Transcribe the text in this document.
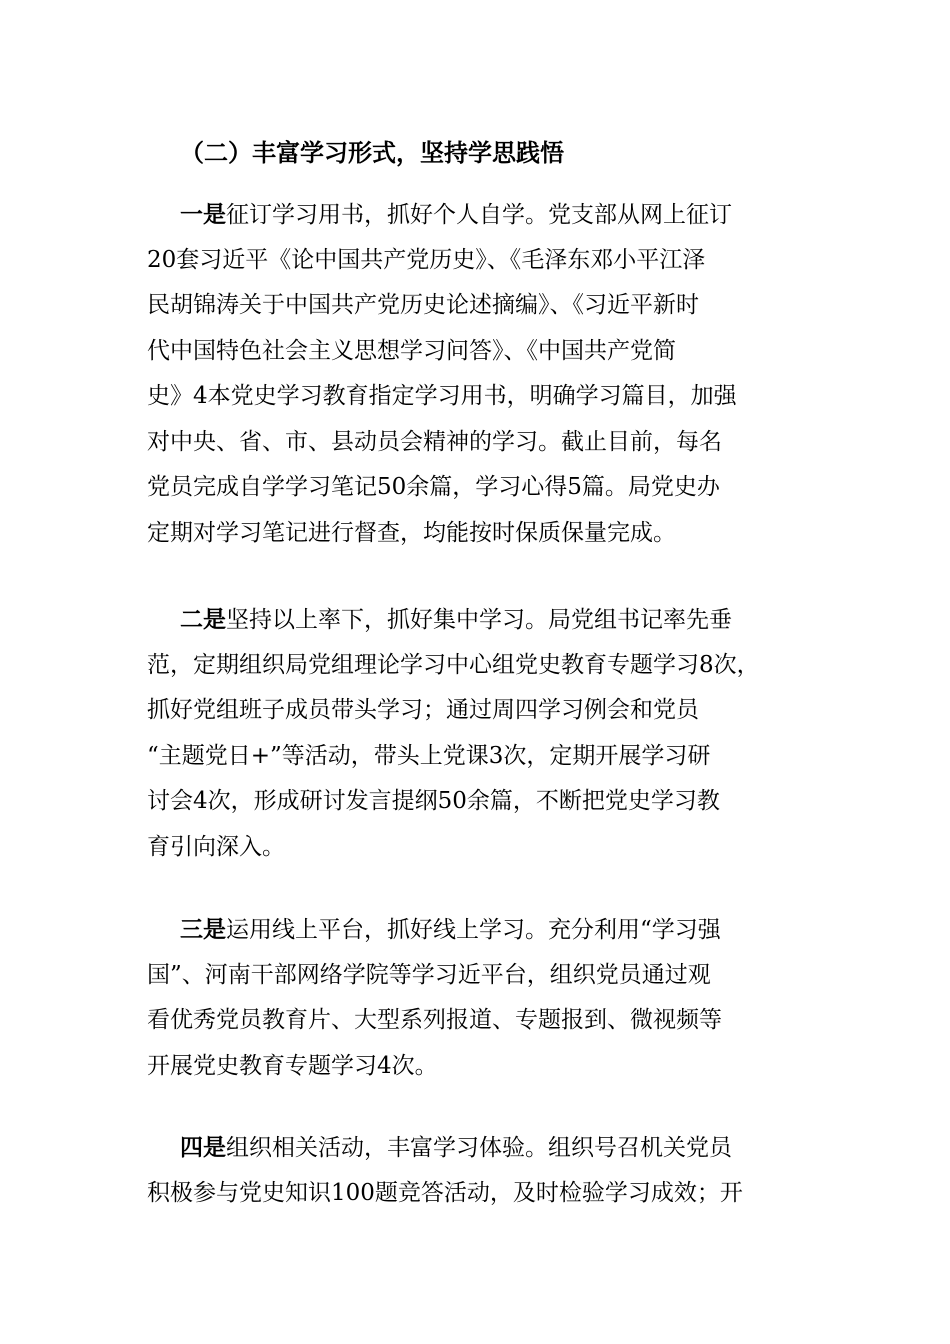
（二）丰富学习形式，坚持学思践悟
一是征订学习用书，抓好个人自学。党支部从网上征订
20套习近平《论中国共产党历史》、《毛泽东邓小平江泽
民胡锦涛关于中国共产党历史论述摘编》、《习近平新时
代中国特色社会主义思想学习问答》、《中国共产党简
史》4本党史学习教育指定学习用书，明确学习篇目，加强
对中央、省、市、县动员会精神的学习。截止目前，每名
党员完成自学学习笔记50余篇，学习心得5篇。局党史办
定期对学习笔记进行督查，均能按时保质保量完成。
二是坚持以上率下，抓好集中学习。局党组书记率先垂
范，定期组织局党组理论学习中心组党史教育专题学习8次，
抓好党组班子成员带头学习；通过周四学习例会和党员
“主题党日+”等活动，带头上党课3次，定期开展学习研
讨会4次，形成研讨发言提纲50余篇，不断把党史学习教
育引向深入。
三是运用线上平台，抓好线上学习。充分利用“学习强
国”、河南干部网络学院等学习近平台，组织党员通过观
看优秀党员教育片、大型系列报道、专题报到、微视频等
开展党史教育专题学习4次。
四是组织相关活动，丰富学习体验。组织号召机关党员
积极参与党史知识100题竞答活动，及时检验学习成效；开
